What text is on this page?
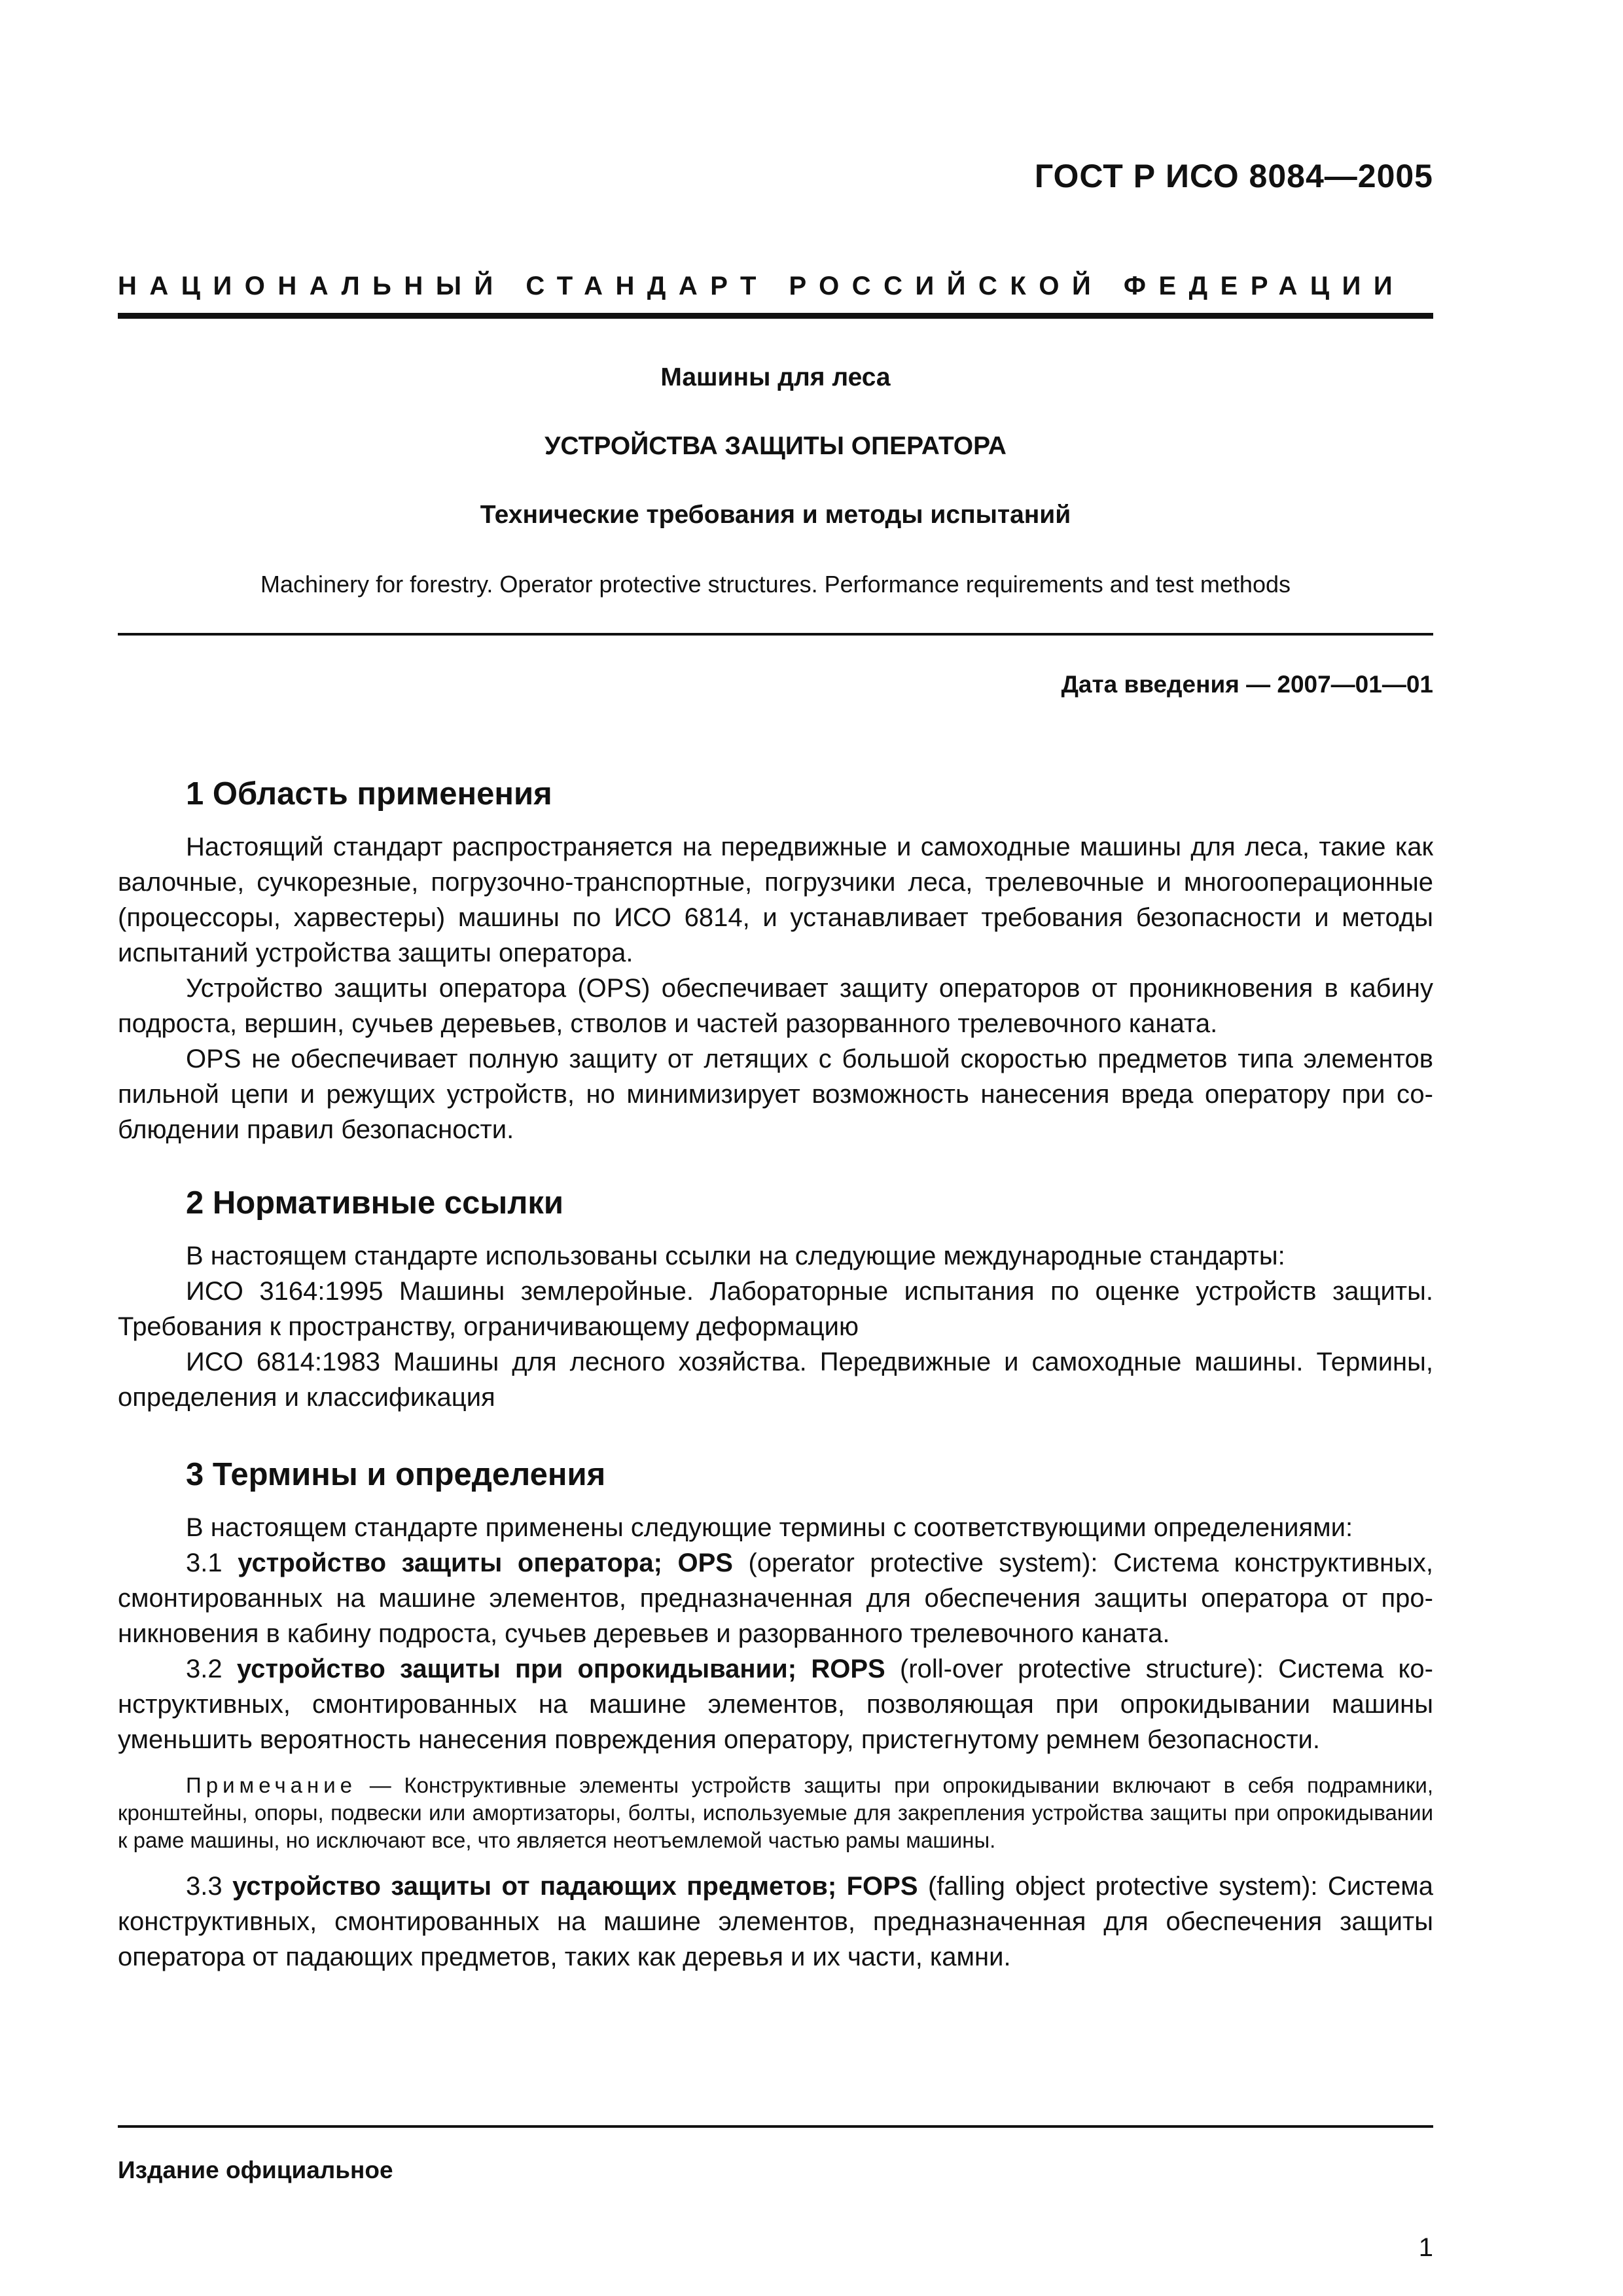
ГОСТ Р ИСО 8084—2005
НАЦИОНАЛЬНЫЙ СТАНДАРТ РОССИЙСКОЙ ФЕДЕРАЦИИ
Машины для леса
УСТРОЙСТВА ЗАЩИТЫ ОПЕРАТОРА
Технические требования и методы испытаний
Machinery for forestry. Operator protective structures. Performance requirements and test methods
Дата введения — 2007—01—01
1 Область применения

Настоящий стандарт распространяется на передвижные и самоходные машины для леса, такие как валочные, сучкорезные, погрузочно-транспортные, погрузчики леса, трелевочные и многооперационные (процессоры, харвестеры) машины по ИСО 6814, и устанавливает требования безопасности и методы испытаний устройства защиты оператора.

Устройство защиты оператора (OPS) обеспечивает защиту операторов от проникновения в кабину подроста, вершин, сучьев деревьев, стволов и частей разорванного трелевочного каната.

OPS не обеспечивает полную защиту от летящих с большой скоростью предметов типа элементов пильной цепи и режущих устройств, но минимизирует возможность нанесения вреда оператору при соблюдении правил безопасности.

2 Нормативные ссылки

В настоящем стандарте использованы ссылки на следующие международные стандарты:

ИСО 3164:1995 Машины землеройные. Лабораторные испытания по оценке устройств защиты. Требования к пространству, ограничивающему деформацию

ИСО 6814:1983 Машины для лесного хозяйства. Передвижные и самоходные машины. Термины, определения и классификация

3 Термины и определения

В настоящем стандарте применены следующие термины с соответствующими определениями:

3.1 устройство защиты оператора; OPS (operator protective system): Система конструктивных, смонтированных на машине элементов, предназначенная для обеспечения защиты оператора от проникновения в кабину подроста, сучьев деревьев и разорванного трелевочного каната.

3.2 устройство защиты при опрокидывании; ROPS (roll-over protective structure): Система конструктивных, смонтированных на машине элементов, позволяющая при опрокидывании машины уменьшить вероятность нанесения повреждения оператору, пристегнутому ремнем безопасности.

Примечание — Конструктивные элементы устройств защиты при опрокидывании включают в себя подрамники, кронштейны, опоры, подвески или амортизаторы, болты, используемые для закрепления устройства защиты при опрокидывании к раме машины, но исключают все, что является неотъемлемой частью рамы машины.

3.3 устройство защиты от падающих предметов; FOPS (falling object protective system): Система конструктивных, смонтированных на машине элементов, предназначенная для обеспечения защиты оператора от падающих предметов, таких как деревья и их части, камни.

Издание официальное
1
